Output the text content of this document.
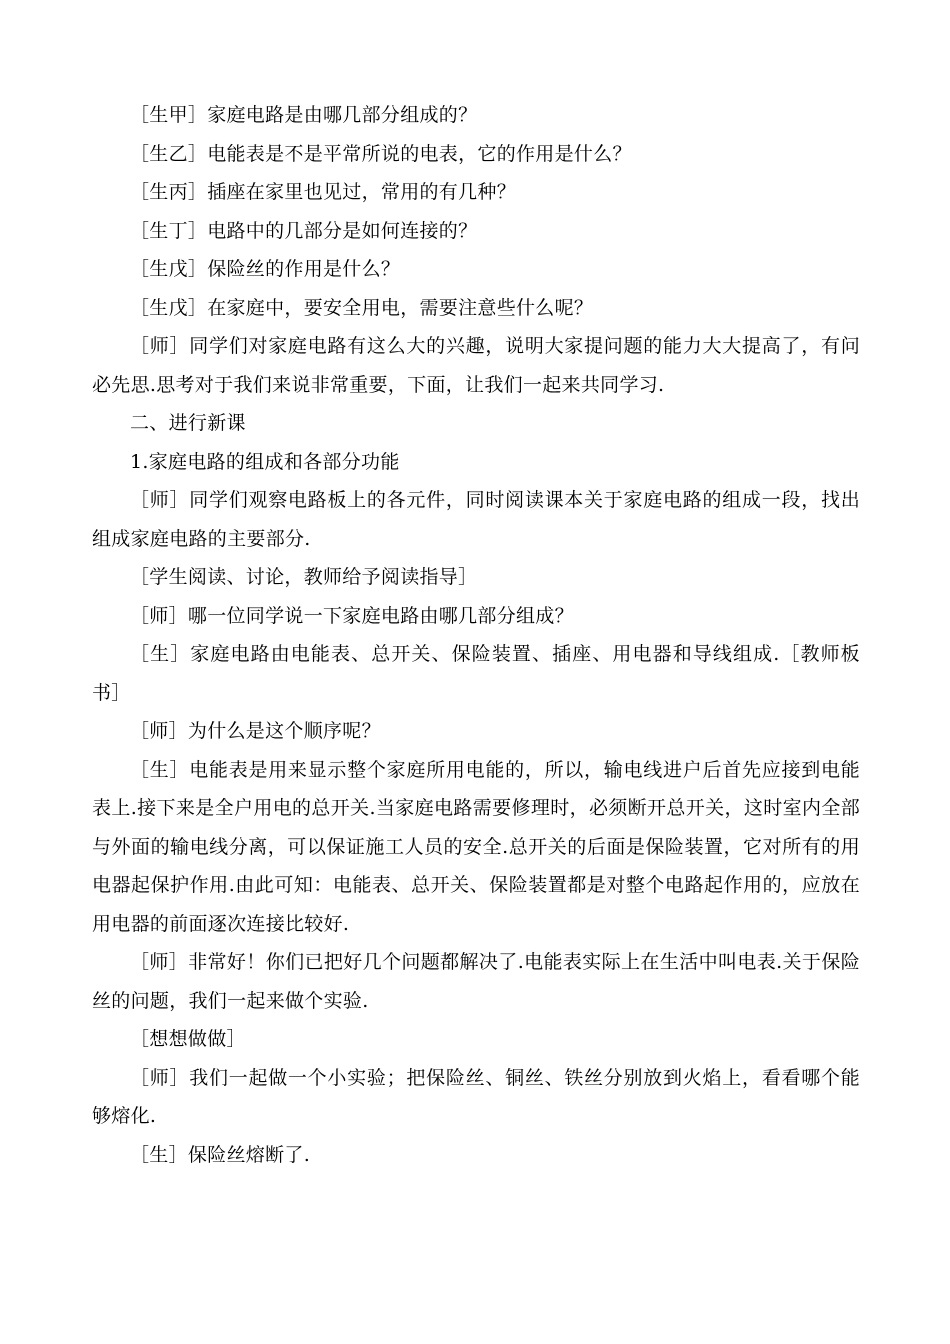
［生甲］家庭电路是由哪几部分组成的？

［生乙］电能表是不是平常所说的电表，它的作用是什么？

［生丙］插座在家里也见过，常用的有几种？

［生丁］电路中的几部分是如何连接的？

［生戊］保险丝的作用是什么？

［生戊］在家庭中，要安全用电，需要注意些什么呢？

［师］同学们对家庭电路有这么大的兴趣，说明大家提问题的能力大大提高了，有问必先思.思考对于我们来说非常重要，下面，让我们一起来共同学习.

二、进行新课

1.家庭电路的组成和各部分功能

［师］同学们观察电路板上的各元件，同时阅读课本关于家庭电路的组成一段，找出组成家庭电路的主要部分.

［学生阅读、讨论，教师给予阅读指导］

［师］哪一位同学说一下家庭电路由哪几部分组成？

［生］家庭电路由电能表、总开关、保险装置、插座、用电器和导线组成.［教师板书］

［师］为什么是这个顺序呢？

［生］电能表是用来显示整个家庭所用电能的，所以，输电线进户后首先应接到电能表上.接下来是全户用电的总开关.当家庭电路需要修理时，必须断开总开关，这时室内全部与外面的输电线分离，可以保证施工人员的安全.总开关的后面是保险装置，它对所有的用电器起保护作用.由此可知：电能表、总开关、保险装置都是对整个电路起作用的，应放在用电器的前面逐次连接比较好.

［师］非常好！你们已把好几个问题都解决了.电能表实际上在生活中叫电表.关于保险丝的问题，我们一起来做个实验.

［想想做做］

［师］我们一起做一个小实验；把保险丝、铜丝、铁丝分别放到火焰上，看看哪个能够熔化.

［生］保险丝熔断了.
